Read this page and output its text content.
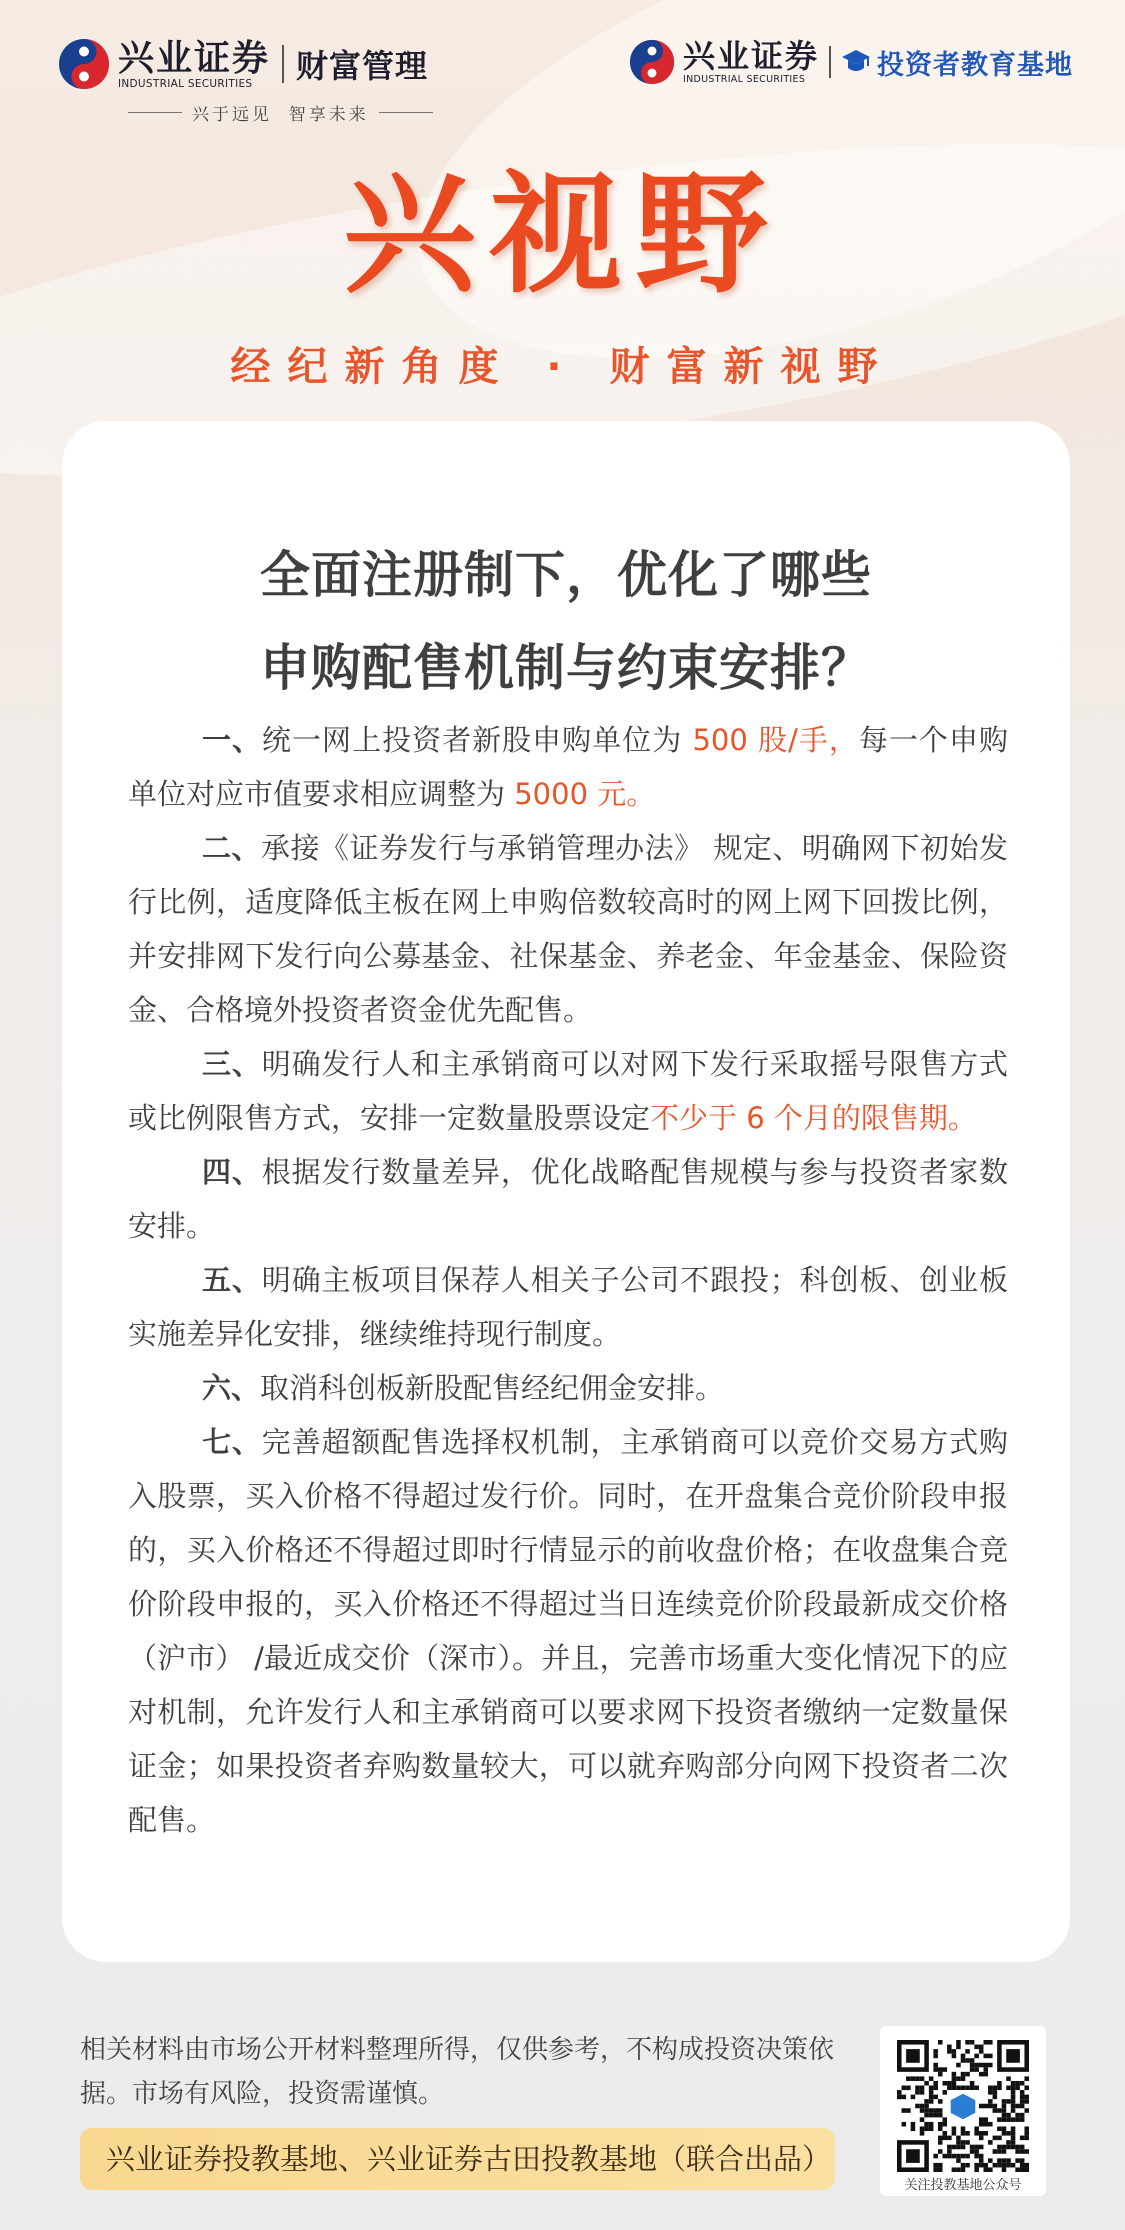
兴业证券
INDUSTRIAL SECURITIES	财富管理
兴于远见  智享未来
兴业证券
INDUSTRIAL SECURITIES	投资者教育基地
兴视野
经纪新角度 · 财富新视野
全面注册制下，优化了哪些
申购配售机制与约束安排？

一、统一网上投资者新股申购单位为 500 股/手，每一个申购单位对应市值要求相应调整为 5000 元。

二、承接《证券发行与承销管理办法》 规定、明确网下初始发行比例，适度降低主板在网上申购倍数较高时的网上网下回拨比例， 并安排网下发行向公募基金、社保基金、养老金、年金基金、保险资金、合格境外投资者资金优先配售。

三、明确发行人和主承销商可以对网下发行采取摇号限售方式或比例限售方式，安排一定数量股票设定不少于 6 个月的限售期。

四、根据发行数量差异，优化战略配售规模与参与投资者家数安排。

五、明确主板项目保荐人相关子公司不跟投；科创板、创业板实施差异化安排，继续维持现行制度。

六、取消科创板新股配售经纪佣金安排。

七、完善超额配售选择权机制，主承销商可以竞价交易方式购入股票，买入价格不得超过发行价。同时，在开盘集合竞价阶段申报的，买入价格还不得超过即时行情显示的前收盘价格；在收盘集合竞价阶段申报的，买入价格还不得超过当日连续竞价阶段最新成交价格（沪市） /最近成交价（深市）。并且，完善市场重大变化情况下的应对机制，允许发行人和主承销商可以要求网下投资者缴纳一定数量保证金；如果投资者弃购数量较大，可以就弃购部分向网下投资者二次配售。

相关材料由市场公开材料整理所得，仅供参考，不构成投资决策依据。市场有风险，投资需谨慎。
兴业证券投教基地、兴业证券古田投教基地（联合出品）
关注投教基地公众号
